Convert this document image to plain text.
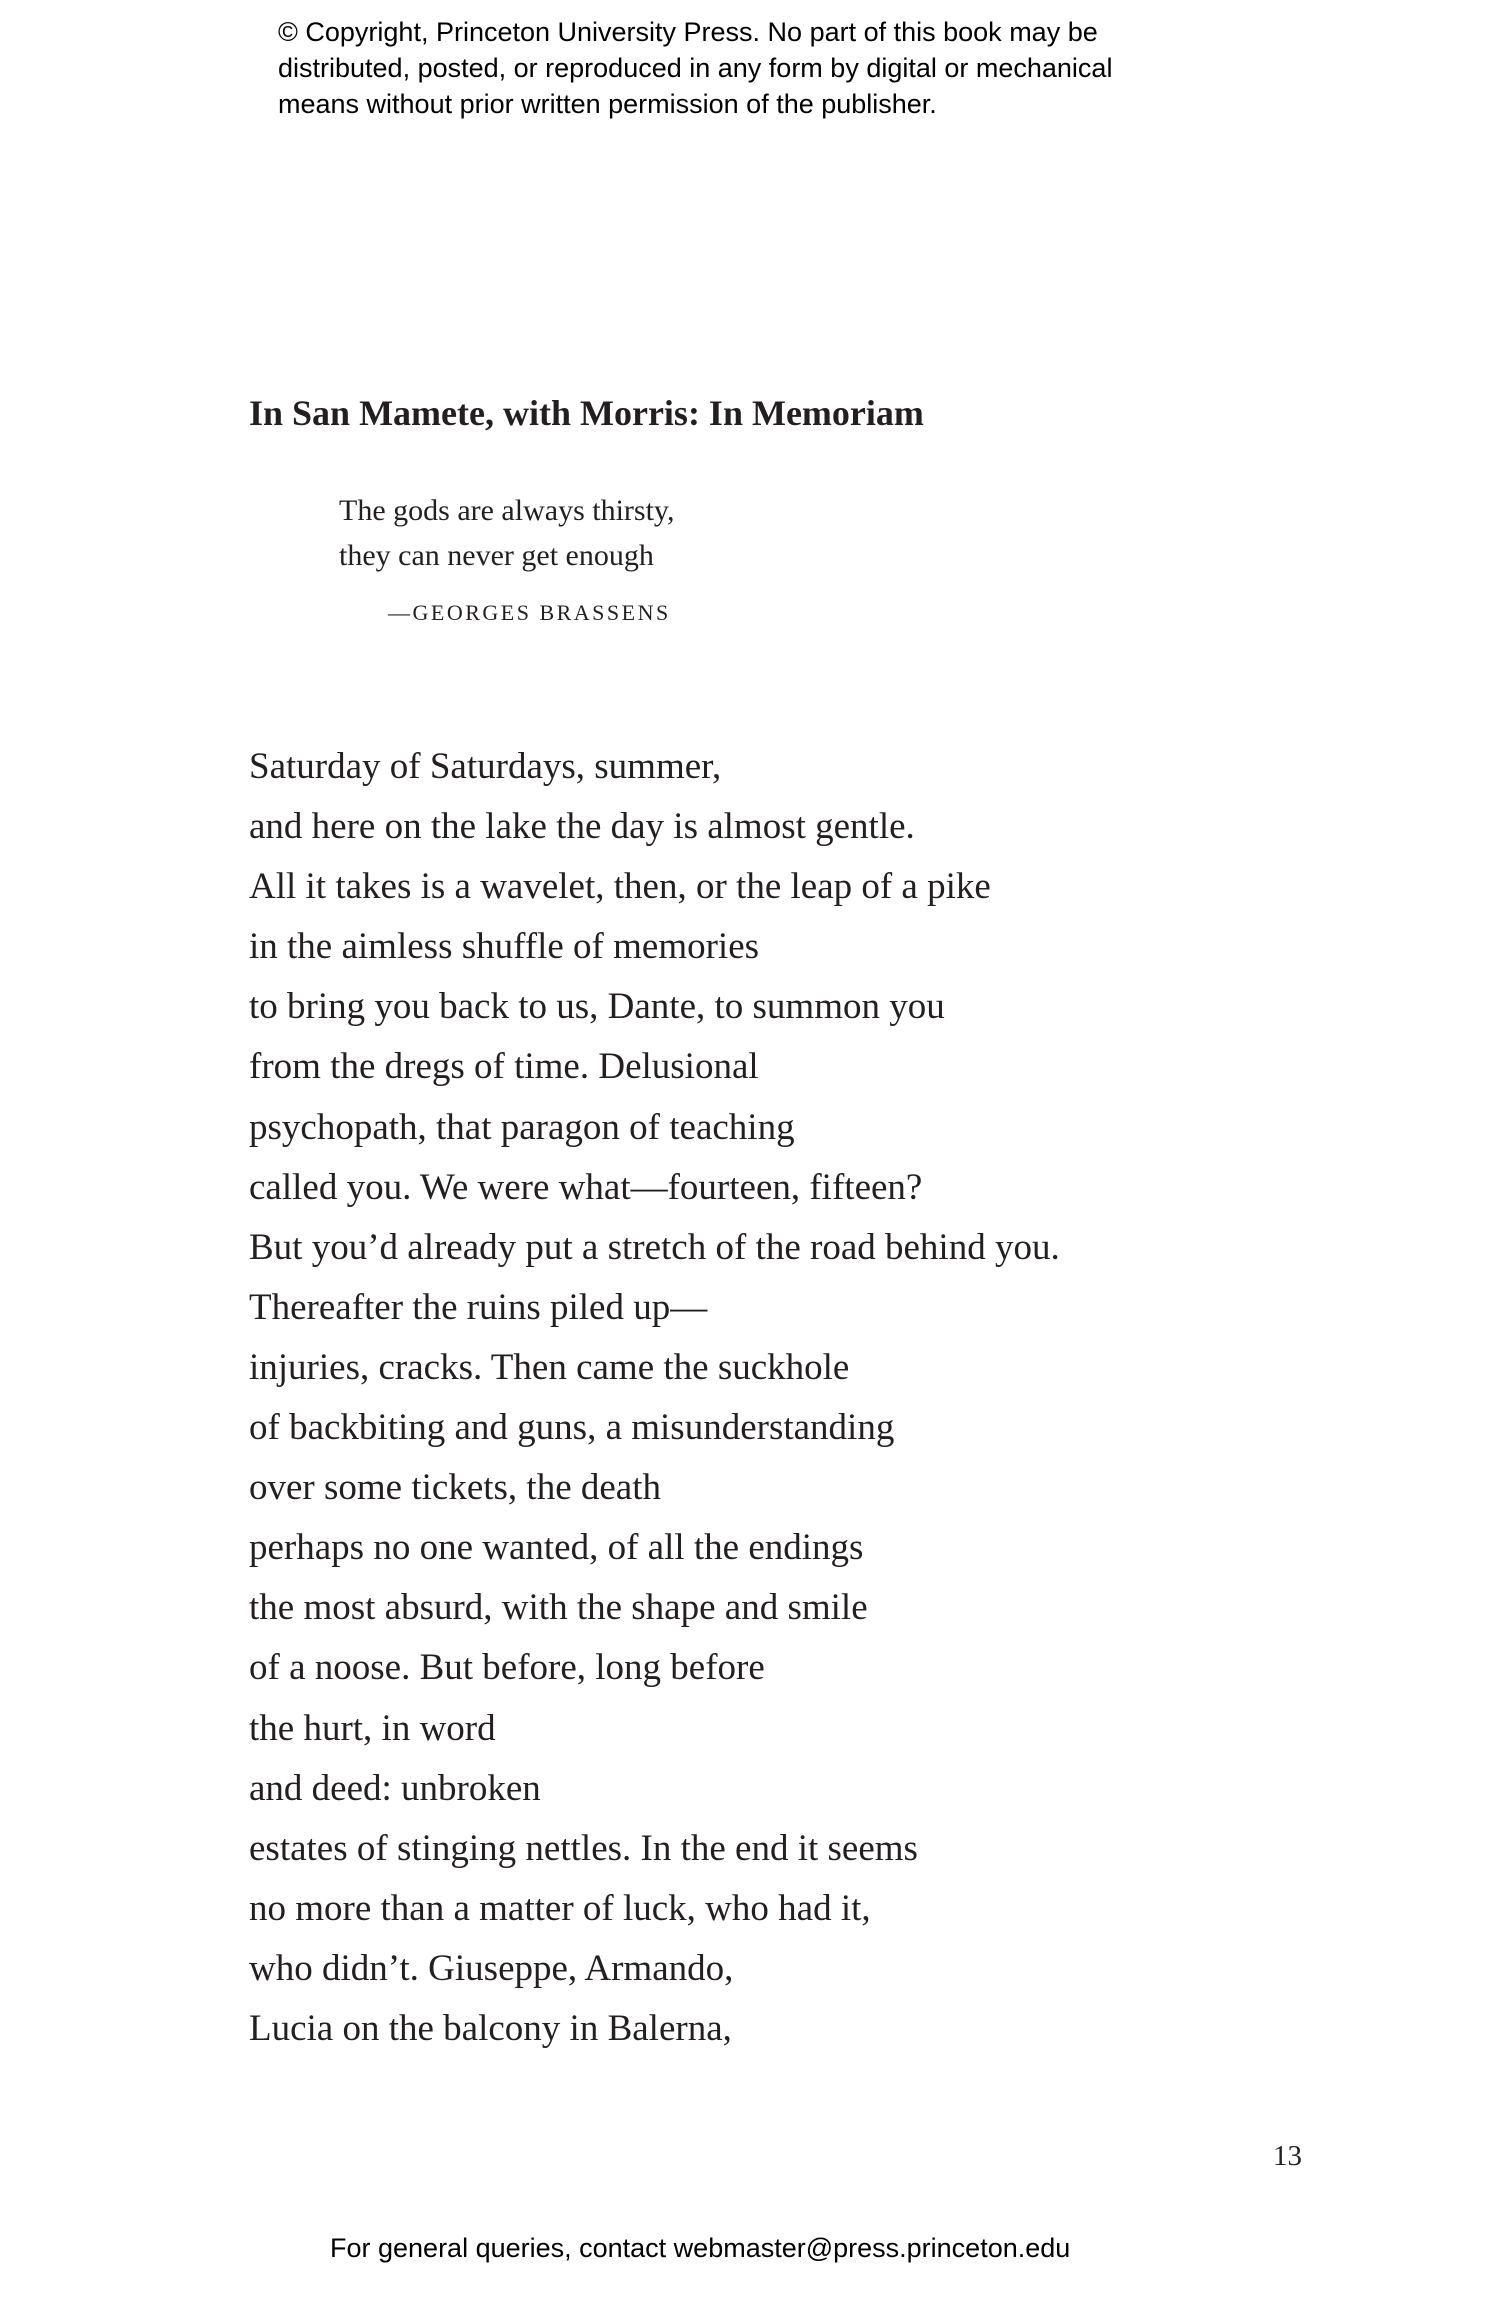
© Copyright, Princeton University Press. No part of this book may be
distributed, posted, or reproduced in any form by digital or mechanical
means without prior written permission of the publisher.
In San Mamete, with Morris: In Memoriam
The gods are always thirsty,
they can never get enough
—GEORGES BRASSENS
Saturday of Saturdays, summer,
and here on the lake the day is almost gentle.
All it takes is a wavelet, then, or the leap of a pike
in the aimless shuffle of memories
to bring you back to us, Dante, to summon you
from the dregs of time. Delusional
psychopath, that paragon of teaching
called you. We were what—fourteen, fifteen?
But you’d already put a stretch of the road behind you.
Thereafter the ruins piled up—
injuries, cracks. Then came the suckhole
of backbiting and guns, a misunderstanding
over some tickets, the death
perhaps no one wanted, of all the endings
the most absurd, with the shape and smile
of a noose. But before, long before
the hurt, in word
and deed: unbroken
estates of stinging nettles. In the end it seems
no more than a matter of luck, who had it,
who didn’t. Giuseppe, Armando,
Lucia on the balcony in Balerna,
13
For general queries, contact webmaster@press.princeton.edu
